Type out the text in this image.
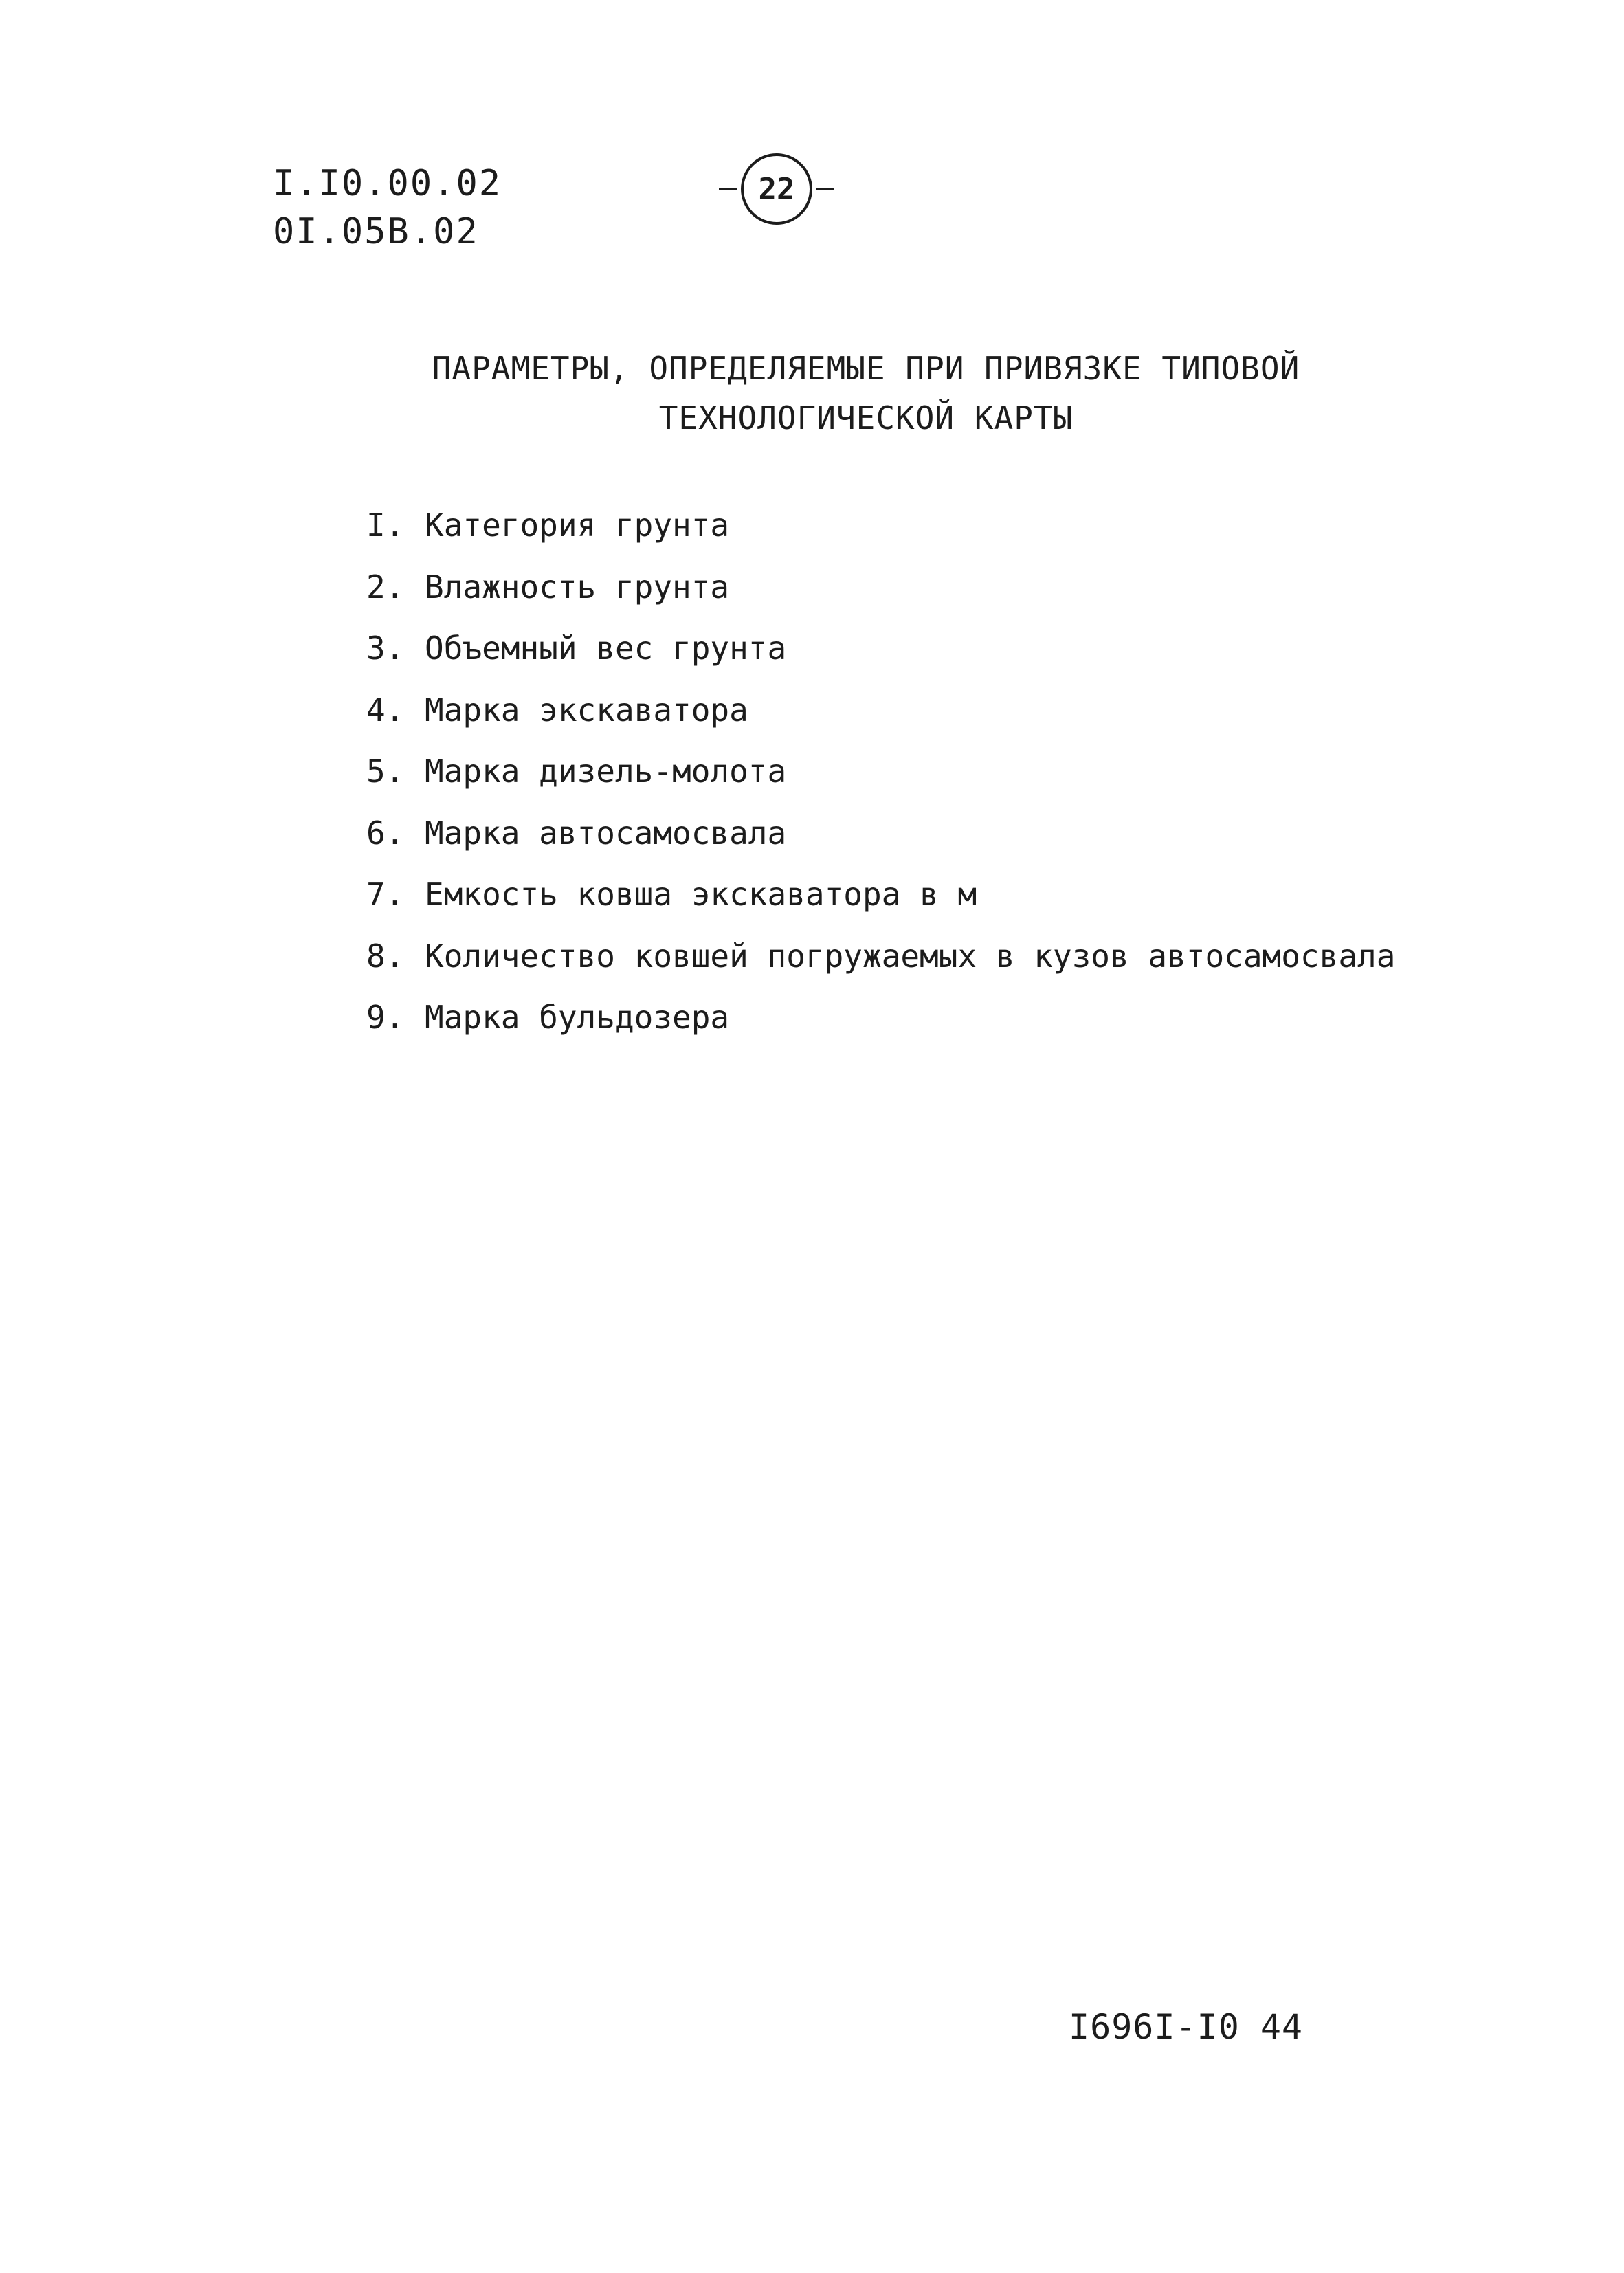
I.I0.00.02
0I.05B.02
22
ПАРАМЕТРЫ, ОПРЕДЕЛЯЕМЫЕ ПРИ ПРИВЯЗКЕ ТИПОВОЙ
ТЕХНОЛОГИЧЕСКОЙ КАРТЫ
I. Категория грунта
2. Влажность грунта
3. Объемный вес грунта
4. Марка экскаватора
5. Марка дизель-молота
6. Марка автосамосвала
7. Емкость ковша экскаватора в м
8. Количество ковшей погружаемых в кузов автосамосвала
9. Марка бульдозера
I696I-I0 44
